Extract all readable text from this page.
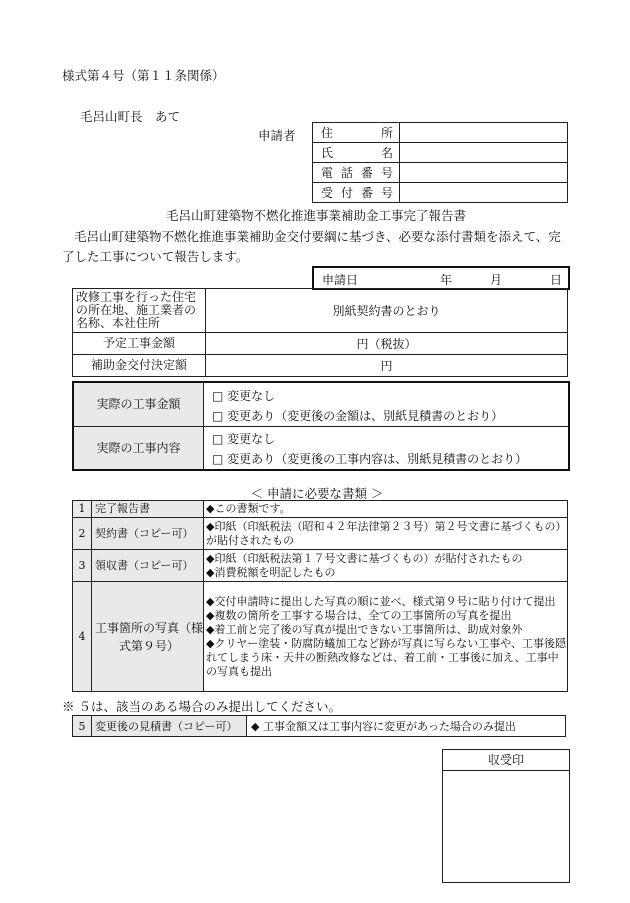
様式第４号（第１１条関係）
毛呂山町長　あて
申請者 住　　所	
氏　　名	
電話番号	
受付番号	
毛呂山町建築物不燃化推進事業補助金工事完了報告書
毛呂山町建築物不燃化推進事業補助金交付要綱に基づき、必要な添付書類を添えて、完了した工事について報告します。
申請日	年	月	日
改修工事を行った住宅の所在地、施工業者の名称、本社住所	別紙契約書のとおり
予定工事金額	円（税抜）
補助金交付決定額	円
実際の工事金額
□ 変更なし
□ 変更あり（変更後の金額は、別紙見積書のとおり）
実際の工事内容
□ 変更なし
□ 変更あり（変更後の工事内容は、別紙見積書のとおり）
＜ 申請に必要な書類 ＞
1	完了報告書	◆この書類です。
2	契約書（コピー可）	◆印紙（印紙税法（昭和４２年法律第２３号）第２号文書に基づくもの）が貼付されたもの
3	領収書（コピー可）	◆印紙（印紙税法第１７号文書に基づくもの）が貼付されたもの
◆消費税額を明記したもの

4	工事箇所の写真（様式第９号）	◆交付申請時に提出した写真の順に並べ、様式第９号に貼り付けて提出
◆複数の箇所を工事する場合は、全ての工事箇所の写真を提出
◆着工前と完了後の写真が提出できない工事箇所は、助成対象外
◆クリヤー塗装・防腐防蟻加工など跡が写真に写らない工事や、工事後隠れてしまう床・天井の断熱改修などは、着工前・工事後に加え、工事中の写真も提出
※ ５は、該当のある場合のみ提出してください。
5	変更後の見積書（コピー可）	◆ 工事金額又は工事内容に変更があった場合のみ提出
収受印
